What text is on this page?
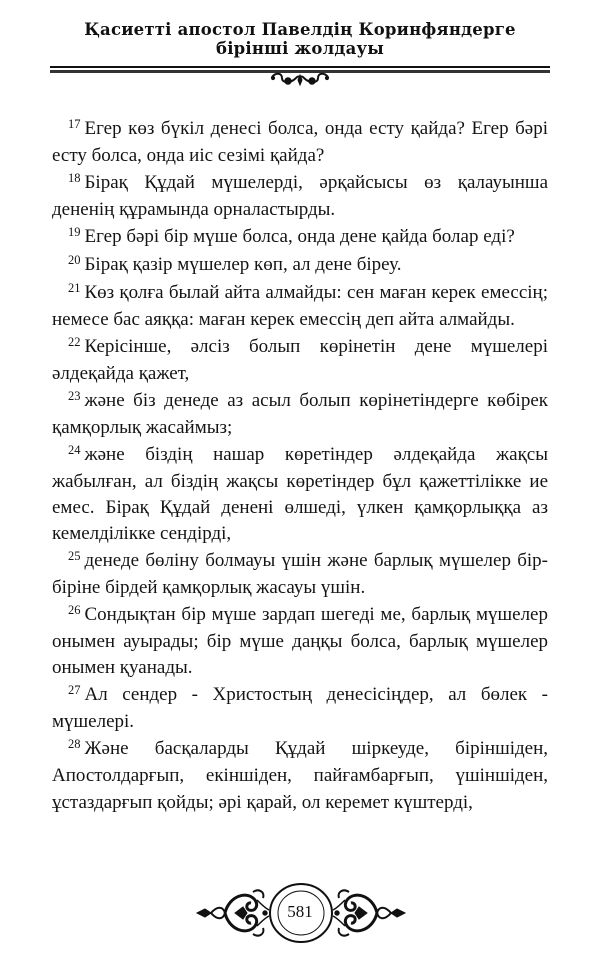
Қасиетті апостол Павелдің Коринфяндерге
бірінші жолдауы

$^{17}$ Егер көз бүкіл денесі болса, онда есту қайда? Егер бәрі есту болса, онда иіс сезімі қайда?

$^{18}$ Бірақ Құдай мүшелерді, әрқайсысы өз қалауынша дененің құрамында орналастырды.

$^{19}$ Егер бәрі бір мүше болса, онда дене қайда болар еді?

$^{20}$ Бірақ қазір мүшелер көп, ал дене біреу.

$^{21}$ Көз қолға былай айта алмайды: сен маған керек емессің; немесе бас аяққа: маған керек емессің деп айта алмайды.

$^{22}$ Керісінше, әлсіз болып көрінетін дене мүшелері әлдеқайда қажет,

$^{23}$ және біз денеде аз асыл болып көрінетіндерге көбірек қамқорлық жасаймыз;

$^{24}$ және біздің нашар көретіндер әлдеқайда жақсы жабылған, ал біздің жақсы көретіндер бұл қажеттілікке ие емес. Бірақ Құдай денені өлшеді, үлкен қамқорлыққа аз кемелділікке сендірді,

$^{25}$ денеде бөліну болмауы үшін және барлық мүшелер бір-біріне бірдей қамқорлық жасауы үшін.

$^{26}$ Сондықтан бір мүше зардап шегеді ме, барлық мүшелер онымен ауырады; бір мүше даңқы болса, барлық мүшелер онымен қуанады.

$^{27}$ Ал сендер - Христостың денесісіңдер, ал бөлек - мүшелері.

$^{28}$ Және басқаларды Құдай шіркеуде, біріншіден, Апостолдарғып, екіншіден, пайғамбарғып, үшіншіден, ұстаздарғып қойды; әрі қарай, ол керемет күштерді,

581
